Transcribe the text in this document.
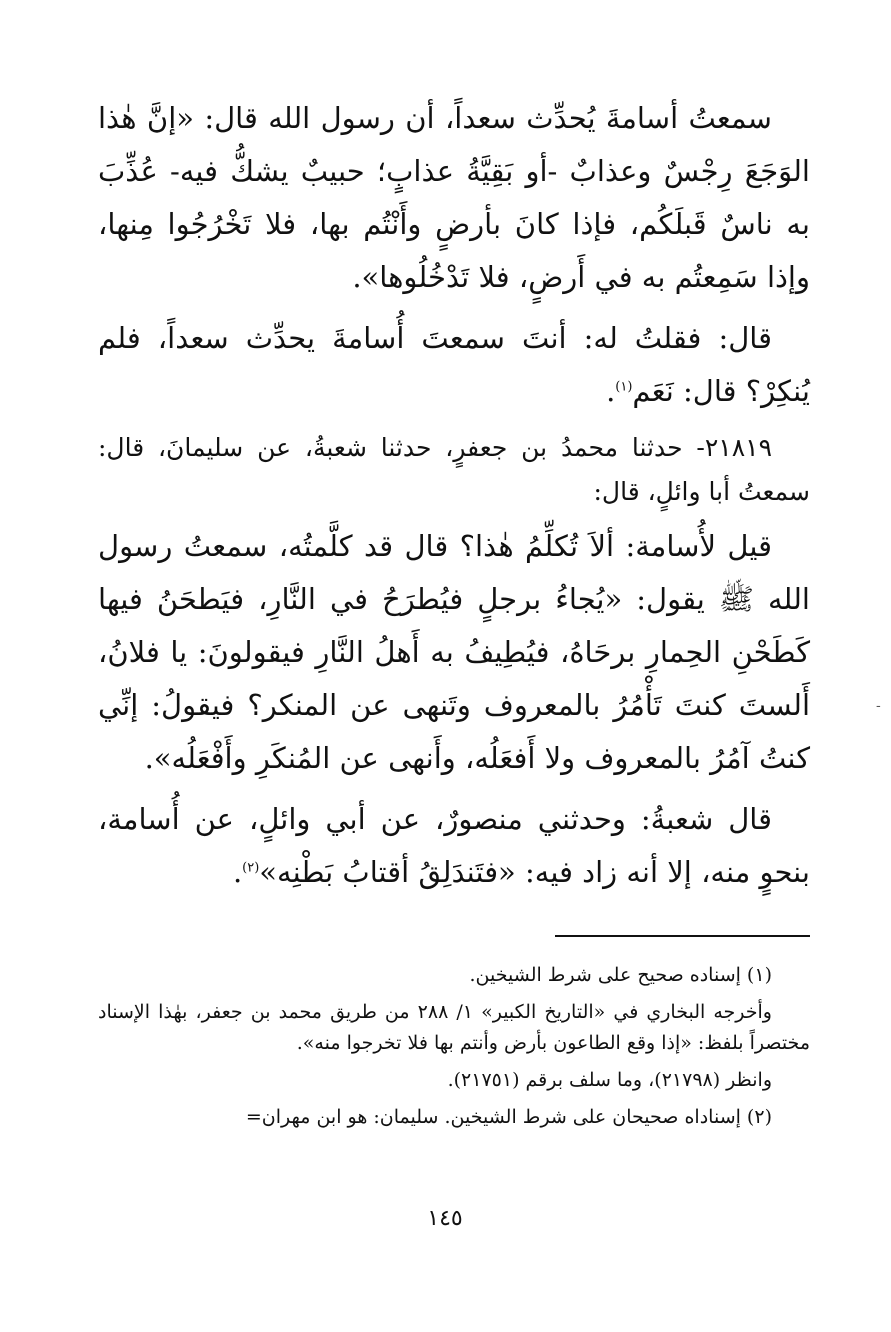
سمعتُ أسامةَ يُحدِّث سعداً، أن رسول الله قال: «إنَّ هٰذا الوَجَعَ رِجْسٌ وعذابٌ -أو بَقِيَّةُ عذابٍ؛ حبيبٌ يشكُّ فيه- عُذِّبَ به ناسٌ قَبلَكُم، فإذا كانَ بأرضٍ وأَنْتُم بها، فلا تَخْرُجُوا مِنها، وإذا سَمِعتُم به في أَرضٍ، فلا تَدْخُلُوها».

قال: فقلتُ له: أنتَ سمعتَ أُسامةَ يحدِّث سعداً، فلم يُنكِرْ؟ قال: نَعَم$^{(١)}$.

٢١٨١٩- حدثنا محمدُ بن جعفرٍ، حدثنا شعبةُ، عن سليمانَ، قال: سمعتُ أبا وائلٍ، قال:

قيل لأُسامة: ألاَ تُكلِّمُ هٰذا؟ قال قد كلَّمتُه، سمعتُ رسول الله ﷺ يقول: «يُجاءُ برجلٍ فيُطرَحُ في النَّارِ، فيَطحَنُ فيها كَطَحْنِ الحِمارِ برحَاهُ، فيُطِيفُ به أَهلُ النَّارِ فيقولونَ: يا فلانُ، أَلستَ كنتَ تَأْمُرُ بالمعروف وتَنهى عن المنكر؟ فيقولُ: إنِّي كنتُ آمُرُ بالمعروف ولا أَفعَلُه، وأَنهى عن المُنكَرِ وأَفْعَلُه».

قال شعبةُ: وحدثني منصورٌ، عن أبي وائلٍ، عن أُسامة، بنحوٍ منه، إلا أنه زاد فيه: «فتَندَلِقُ أقتابُ بَطْنِه»$^{(٢)}$.

(١) إسناده صحيح على شرط الشيخين.

وأخرجه البخاري في «التاريخ الكبير» ١/ ٢٨٨ من طريق محمد بن جعفر، بهٰذا الإسناد مختصراً بلفظ: «إذا وقع الطاعون بأرض وأنتم بها فلا تخرجوا منه».

وانظر (٢١٧٩٨)، وما سلف برقم (٢١٧٥١).

(٢) إسناداه صحيحان على شرط الشيخين. سليمان: هو ابن مهران=

١٤٥
-
